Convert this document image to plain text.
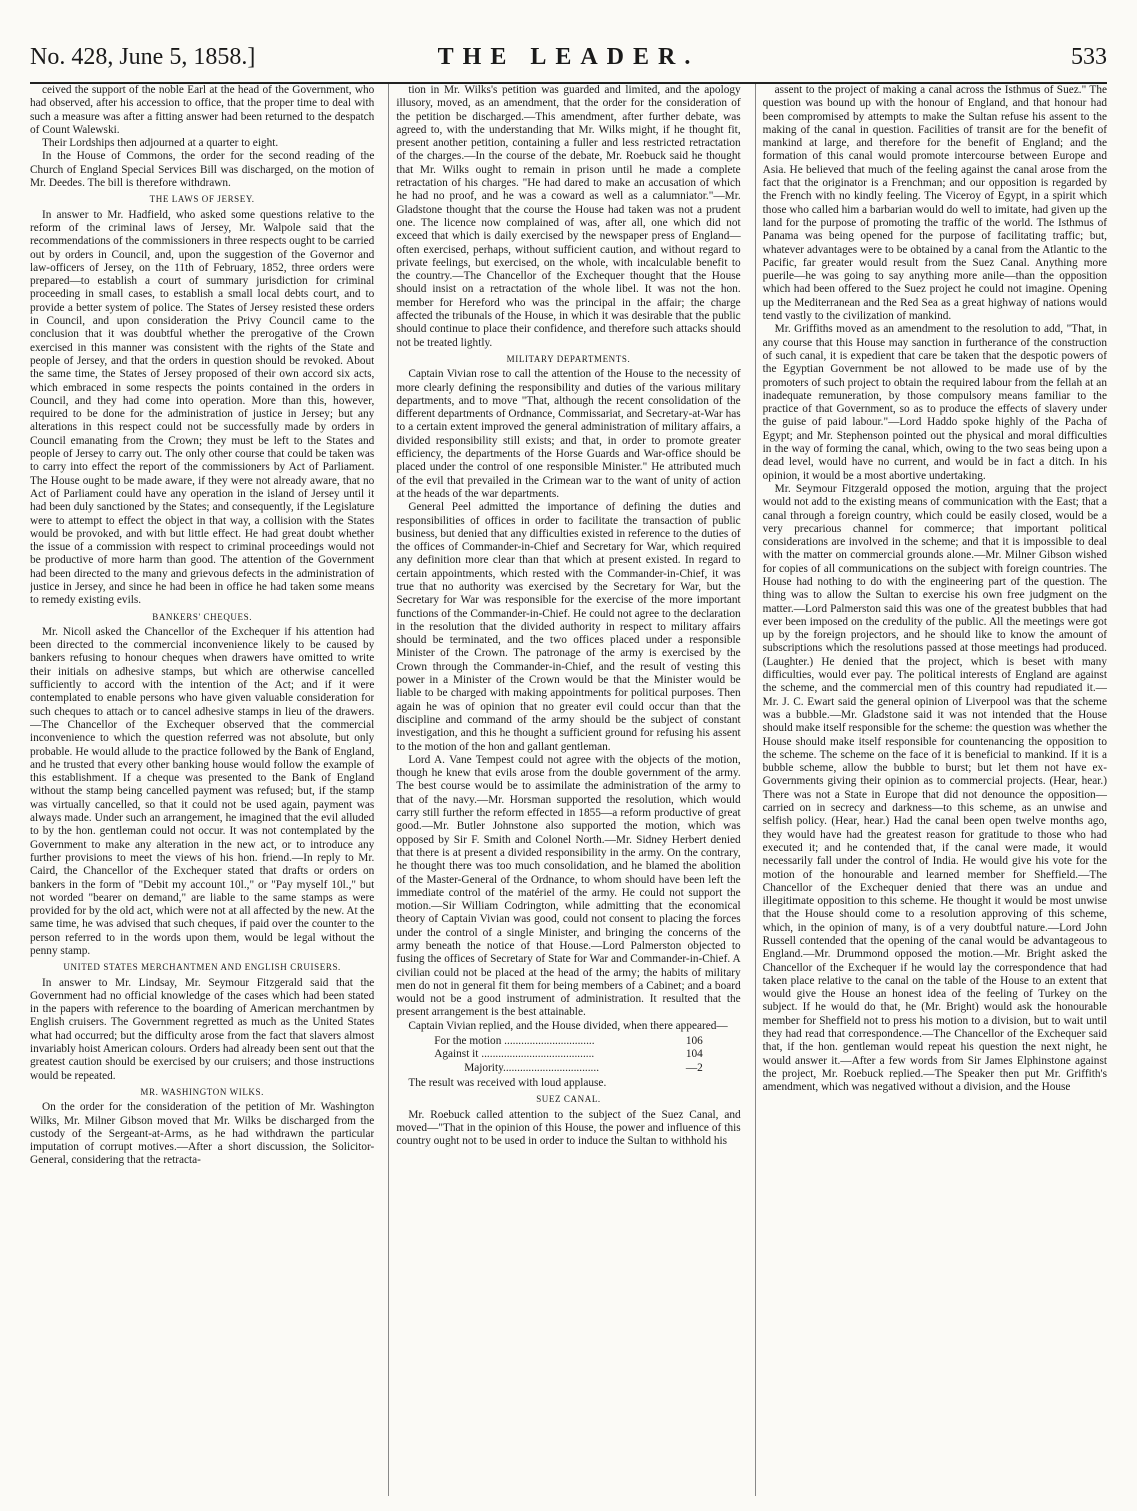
No. 428, June 5, 1858.]	THE LEADER.	533

ceived the support of the noble Earl at the head of the Government, who had observed, after his accession to office, that the proper time to deal with such a measure was after a fitting answer had been returned to the despatch of Count Walewski.

Their Lordships then adjourned at a quarter to eight.

In the House of Commons, the order for the second reading of the Church of England Special Services Bill was discharged, on the motion of Mr. Deedes. The bill is therefore withdrawn.

THE LAWS OF JERSEY.

In answer to Mr. Hadfield, who asked some questions relative to the reform of the criminal laws of Jersey, Mr. Walpole said that the recommendations of the commissioners in three respects ought to be carried out by orders in Council, and, upon the suggestion of the Governor and law-officers of Jersey, on the 11th of February, 1852, three orders were prepared—to establish a court of summary jurisdiction for criminal proceeding in small cases, to establish a small local debts court, and to provide a better system of police. The States of Jersey resisted these orders in Council, and upon consideration the Privy Council came to the conclusion that it was doubtful whether the prerogative of the Crown exercised in this manner was consistent with the rights of the State and people of Jersey, and that the orders in question should be revoked. About the same time, the States of Jersey proposed of their own accord six acts, which embraced in some respects the points contained in the orders in Council, and they had come into operation. More than this, however, required to be done for the administration of justice in Jersey; but any alterations in this respect could not be successfully made by orders in Council emanating from the Crown; they must be left to the States and people of Jersey to carry out. The only other course that could be taken was to carry into effect the report of the commissioners by Act of Parliament. The House ought to be made aware, if they were not already aware, that no Act of Parliament could have any operation in the island of Jersey until it had been duly sanctioned by the States; and consequently, if the Legislature were to attempt to effect the object in that way, a collision with the States would be provoked, and with but little effect. He had great doubt whether the issue of a commission with respect to criminal proceedings would not be productive of more harm than good. The attention of the Government had been directed to the many and grievous defects in the administration of justice in Jersey, and since he had been in office he had taken some means to remedy existing evils.

BANKERS' CHEQUES.

Mr. Nicoll asked the Chancellor of the Exchequer if his attention had been directed to the commercial inconvenience likely to be caused by bankers refusing to honour cheques when drawers have omitted to write their initials on adhesive stamps, but which are otherwise cancelled sufficiently to accord with the intention of the Act; and if it were contemplated to enable persons who have given valuable consideration for such cheques to attach or to cancel adhesive stamps in lieu of the drawers.—The Chancellor of the Exchequer observed that the commercial inconvenience to which the question referred was not absolute, but only probable. He would allude to the practice followed by the Bank of England, and he trusted that every other banking house would follow the example of this establishment. If a cheque was presented to the Bank of England without the stamp being cancelled payment was refused; but, if the stamp was virtually cancelled, so that it could not be used again, payment was always made. Under such an arrangement, he imagined that the evil alluded to by the hon. gentleman could not occur. It was not contemplated by the Government to make any alteration in the new act, or to introduce any further provisions to meet the views of his hon. friend.—In reply to Mr. Caird, the Chancellor of the Exchequer stated that drafts or orders on bankers in the form of "Debit my account 10l.," or "Pay myself 10l.," but not worded "bearer on demand," are liable to the same stamps as were provided for by the old act, which were not at all affected by the new. At the same time, he was advised that such cheques, if paid over the counter to the person referred to in the words upon them, would be legal without the penny stamp.

UNITED STATES MERCHANTMEN AND ENGLISH CRUISERS.

In answer to Mr. Lindsay, Mr. Seymour Fitzgerald said that the Government had no official knowledge of the cases which had been stated in the papers with reference to the boarding of American merchantmen by English cruisers. The Government regretted as much as the United States what had occurred; but the difficulty arose from the fact that slavers almost invariably hoist American colours. Orders had already been sent out that the greatest caution should be exercised by our cruisers; and those instructions would be repeated.

MR. WASHINGTON WILKS.

On the order for the consideration of the petition of Mr. Washington Wilks, Mr. Milner Gibson moved that Mr. Wilks be discharged from the custody of the Sergeant-at-Arms, as he had withdrawn the particular imputation of corrupt motives.—After a short discussion, the Solicitor-General, considering that the retracta-

tion in Mr. Wilks's petition was guarded and limited, and the apology illusory, moved, as an amendment, that the order for the consideration of the petition be discharged.—This amendment, after further debate, was agreed to, with the understanding that Mr. Wilks might, if he thought fit, present another petition, containing a fuller and less restricted retractation of the charges.—In the course of the debate, Mr. Roebuck said he thought that Mr. Wilks ought to remain in prison until he made a complete retractation of his charges. "He had dared to make an accusation of which he had no proof, and he was a coward as well as a calumniator."—Mr. Gladstone thought that the course the House had taken was not a prudent one. The licence now complained of was, after all, one which did not exceed that which is daily exercised by the newspaper press of England—often exercised, perhaps, without sufficient caution, and without regard to private feelings, but exercised, on the whole, with incalculable benefit to the country.—The Chancellor of the Exchequer thought that the House should insist on a retractation of the whole libel. It was not the hon. member for Hereford who was the principal in the affair; the charge affected the tribunals of the House, in which it was desirable that the public should continue to place their confidence, and therefore such attacks should not be treated lightly.

MILITARY DEPARTMENTS.

Captain Vivian rose to call the attention of the House to the necessity of more clearly defining the responsibility and duties of the various military departments, and to move "That, although the recent consolidation of the different departments of Ordnance, Commissariat, and Secretary-at-War has to a certain extent improved the general administration of military affairs, a divided responsibility still exists; and that, in order to promote greater efficiency, the departments of the Horse Guards and War-office should be placed under the control of one responsible Minister." He attributed much of the evil that prevailed in the Crimean war to the want of unity of action at the heads of the war departments.

General Peel admitted the importance of defining the duties and responsibilities of offices in order to facilitate the transaction of public business, but denied that any difficulties existed in reference to the duties of the offices of Commander-in-Chief and Secretary for War, which required any definition more clear than that which at present existed. In regard to certain appointments, which rested with the Commander-in-Chief, it was true that no authority was exercised by the Secretary for War, but the Secretary for War was responsible for the exercise of the more important functions of the Commander-in-Chief. He could not agree to the declaration in the resolution that the divided authority in respect to military affairs should be terminated, and the two offices placed under a responsible Minister of the Crown. The patronage of the army is exercised by the Crown through the Commander-in-Chief, and the result of vesting this power in a Minister of the Crown would be that the Minister would be liable to be charged with making appointments for political purposes. Then again he was of opinion that no greater evil could occur than that the discipline and command of the army should be the subject of constant investigation, and this he thought a sufficient ground for refusing his assent to the motion of the hon and gallant gentleman.

Lord A. Vane Tempest could not agree with the objects of the motion, though he knew that evils arose from the double government of the army. The best course would be to assimilate the administration of the army to that of the navy.—Mr. Horsman supported the resolution, which would carry still further the reform effected in 1855—a reform productive of great good.—Mr. Butler Johnstone also supported the motion, which was opposed by Sir F. Smith and Colonel North.—Mr. Sidney Herbert denied that there is at present a divided responsibility in the army. On the contrary, he thought there was too much consolidation, and he blamed the abolition of the Master-General of the Ordnance, to whom should have been left the immediate control of the matériel of the army. He could not support the motion.—Sir William Codrington, while admitting that the economical theory of Captain Vivian was good, could not consent to placing the forces under the control of a single Minister, and bringing the concerns of the army beneath the notice of that House.—Lord Palmerston objected to fusing the offices of Secretary of State for War and Commander-in-Chief. A civilian could not be placed at the head of the army; the habits of military men do not in general fit them for being members of a Cabinet; and a board would not be a good instrument of administration. It resulted that the present arrangement is the best attainable.

Captain Vivian replied, and the House divided, when there appeared—

For the motion ................................	106
Against it ........................................	104
Majority..................................	—2

The result was received with loud applause.

SUEZ CANAL.

Mr. Roebuck called attention to the subject of the Suez Canal, and moved—"That in the opinion of this House, the power and influence of this country ought not to be used in order to induce the Sultan to withhold his

assent to the project of making a canal across the Isthmus of Suez." The question was bound up with the honour of England, and that honour had been compromised by attempts to make the Sultan refuse his assent to the making of the canal in question. Facilities of transit are for the benefit of mankind at large, and therefore for the benefit of England; and the formation of this canal would promote intercourse between Europe and Asia. He believed that much of the feeling against the canal arose from the fact that the originator is a Frenchman; and our opposition is regarded by the French with no kindly feeling. The Viceroy of Egypt, in a spirit which those who called him a barbarian would do well to imitate, had given up the land for the purpose of promoting the traffic of the world. The Isthmus of Panama was being opened for the purpose of facilitating traffic; but, whatever advantages were to be obtained by a canal from the Atlantic to the Pacific, far greater would result from the Suez Canal. Anything more puerile—he was going to say anything more anile—than the opposition which had been offered to the Suez project he could not imagine. Opening up the Mediterranean and the Red Sea as a great highway of nations would tend vastly to the civilization of mankind.

Mr. Griffiths moved as an amendment to the resolution to add, "That, in any course that this House may sanction in furtherance of the construction of such canal, it is expedient that care be taken that the despotic powers of the Egyptian Government be not allowed to be made use of by the promoters of such project to obtain the required labour from the fellah at an inadequate remuneration, by those compulsory means familiar to the practice of that Government, so as to produce the effects of slavery under the guise of paid labour."—Lord Haddo spoke highly of the Pacha of Egypt; and Mr. Stephenson pointed out the physical and moral difficulties in the way of forming the canal, which, owing to the two seas being upon a dead level, would have no current, and would be in fact a ditch. In his opinion, it would be a most abortive undertaking.

Mr. Seymour Fitzgerald opposed the motion, arguing that the project would not add to the existing means of communication with the East; that a canal through a foreign country, which could be easily closed, would be a very precarious channel for commerce; that important political considerations are involved in the scheme; and that it is impossible to deal with the matter on commercial grounds alone.—Mr. Milner Gibson wished for copies of all communications on the subject with foreign countries. The House had nothing to do with the engineering part of the question. The thing was to allow the Sultan to exercise his own free judgment on the matter.—Lord Palmerston said this was one of the greatest bubbles that had ever been imposed on the credulity of the public. All the meetings were got up by the foreign projectors, and he should like to know the amount of subscriptions which the resolutions passed at those meetings had produced. (Laughter.) He denied that the project, which is beset with many difficulties, would ever pay. The political interests of England are against the scheme, and the commercial men of this country had repudiated it.—Mr. J. C. Ewart said the general opinion of Liverpool was that the scheme was a bubble.—Mr. Gladstone said it was not intended that the House should make itself responsible for the scheme: the question was whether the House should make itself responsible for countenancing the opposition to the scheme. The scheme on the face of it is beneficial to mankind. If it is a bubble scheme, allow the bubble to burst; but let them not have ex-Governments giving their opinion as to commercial projects. (Hear, hear.) There was not a State in Europe that did not denounce the opposition—carried on in secrecy and darkness—to this scheme, as an unwise and selfish policy. (Hear, hear.) Had the canal been open twelve months ago, they would have had the greatest reason for gratitude to those who had executed it; and he contended that, if the canal were made, it would necessarily fall under the control of India. He would give his vote for the motion of the honourable and learned member for Sheffield.—The Chancellor of the Exchequer denied that there was an undue and illegitimate opposition to this scheme. He thought it would be most unwise that the House should come to a resolution approving of this scheme, which, in the opinion of many, is of a very doubtful nature.—Lord John Russell contended that the opening of the canal would be advantageous to England.—Mr. Drummond opposed the motion.—Mr. Bright asked the Chancellor of the Exchequer if he would lay the correspondence that had taken place relative to the canal on the table of the House to an extent that would give the House an honest idea of the feeling of Turkey on the subject. If he would do that, he (Mr. Bright) would ask the honourable member for Sheffield not to press his motion to a division, but to wait until they had read that correspondence.—The Chancellor of the Exchequer said that, if the hon. gentleman would repeat his question the next night, he would answer it.—After a few words from Sir James Elphinstone against the project, Mr. Roebuck replied.—The Speaker then put Mr. Griffith's amendment, which was negatived without a division, and the House
